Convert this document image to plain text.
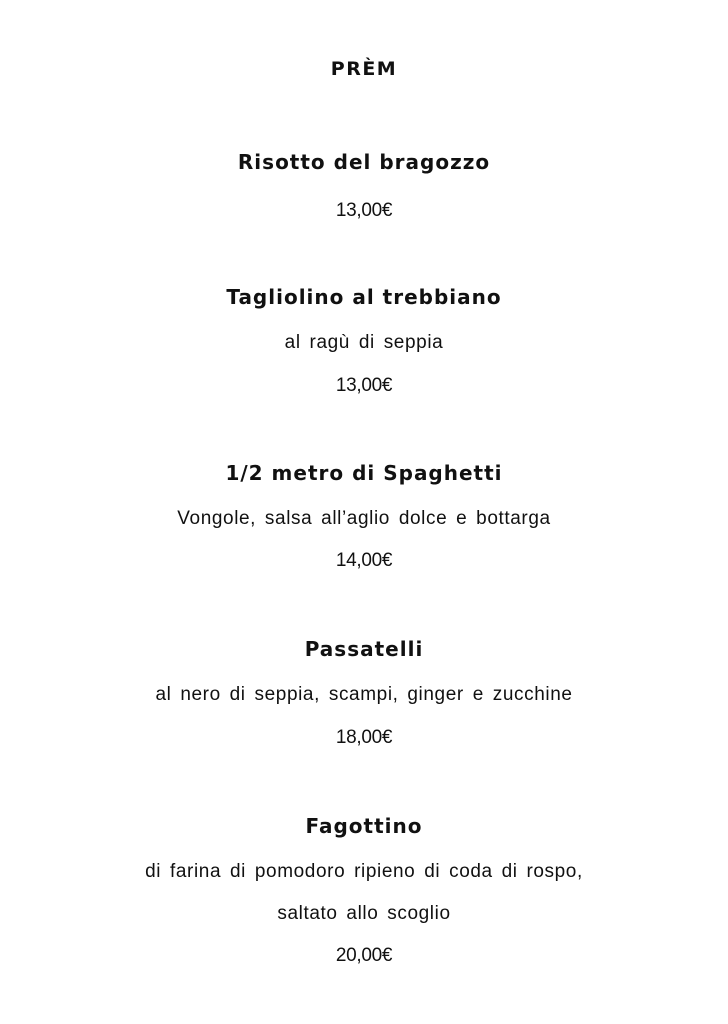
PRÈM
Risotto del bragozzo
13,00€
Tagliolino al trebbiano
al ragù di seppia
13,00€
1/2 metro di Spaghetti
Vongole, salsa all’aglio dolce e bottarga
14,00€
Passatelli
al nero di seppia, scampi, ginger e zucchine
18,00€
Fagottino
di farina di pomodoro ripieno di coda di rospo,
saltato allo scoglio
20,00€
